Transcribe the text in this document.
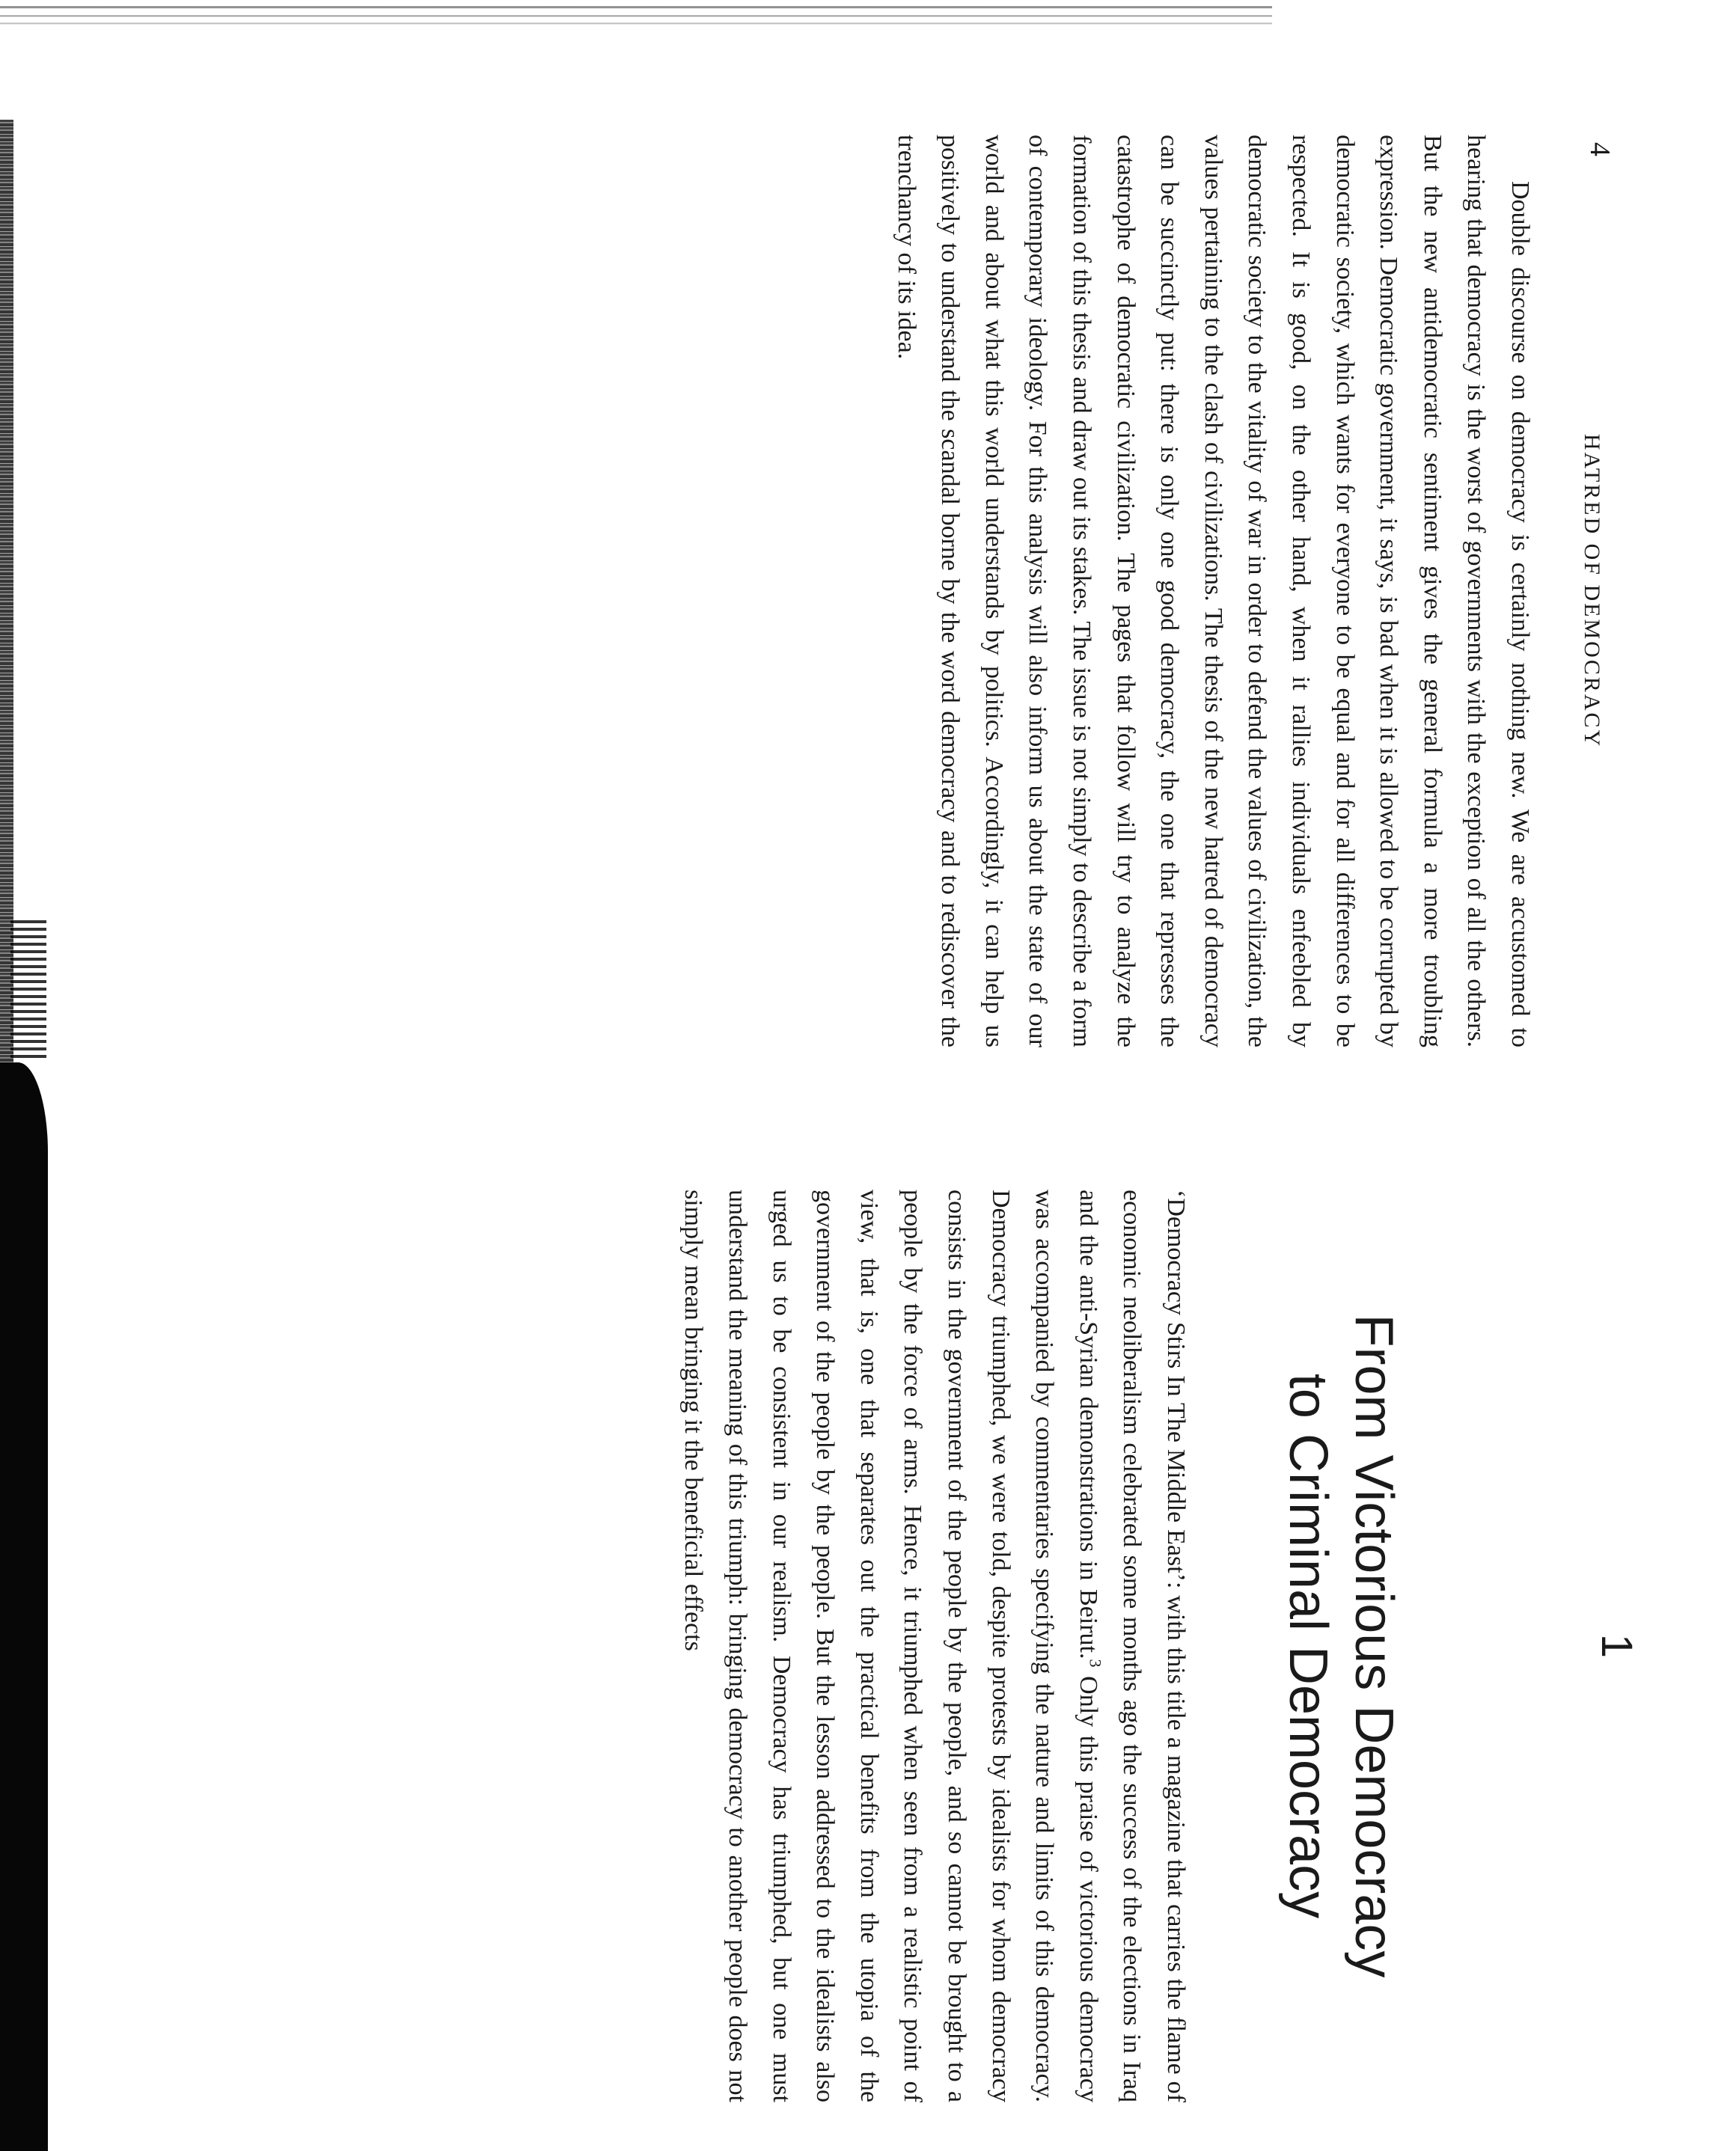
4
HATRED OF DEMOCRACY

Double discourse on democracy is certainly nothing new. We are accustomed to hearing that democracy is the worst of governments with the exception of all the others. But the new antidemocratic sentiment gives the general formula a more troubling expression. Democratic government, it says, is bad when it is allowed to be corrupted by democratic society, which wants for everyone to be equal and for all differences to be respected. It is good, on the other hand, when it rallies individuals enfeebled by democratic society to the vitality of war in order to defend the values of civilization, the values pertaining to the clash of civilizations. The thesis of the new hatred of democracy can be succinctly put: there is only one good democracy, the one that represses the catastrophe of democratic civilization. The pages that follow will try to analyze the formation of this thesis and draw out its stakes. The issue is not simply to describe a form of contemporary ideology. For this analysis will also inform us about the state of our world and about what this world understands by politics. Accordingly, it can help us positively to understand the scandal borne by the word democracy and to rediscover the trenchancy of its idea.

1
From Victorious Democracy
to Criminal Democracy

‘Democracy Stirs In The Middle East’: with this title a magazine that carries the flame of economic neoliberalism celebrated some months ago the success of the elections in Iraq and the anti-Syrian demonstrations in Beirut.$^3$ Only this praise of victorious democracy was accompanied by commentaries specifying the nature and limits of this democracy. Democracy triumphed, we were told, despite protests by idealists for whom democracy consists in the government of the people by the people, and so cannot be brought to a people by the force of arms. Hence, it triumphed when seen from a realistic point of view, that is, one that separates out the practical benefits from the utopia of the government of the people by the people. But the lesson addressed to the idealists also urged us to be consistent in our realism. Democracy has triumphed, but one must understand the meaning of this triumph: bringing democracy to another people does not simply mean bringing it the beneficial effects
